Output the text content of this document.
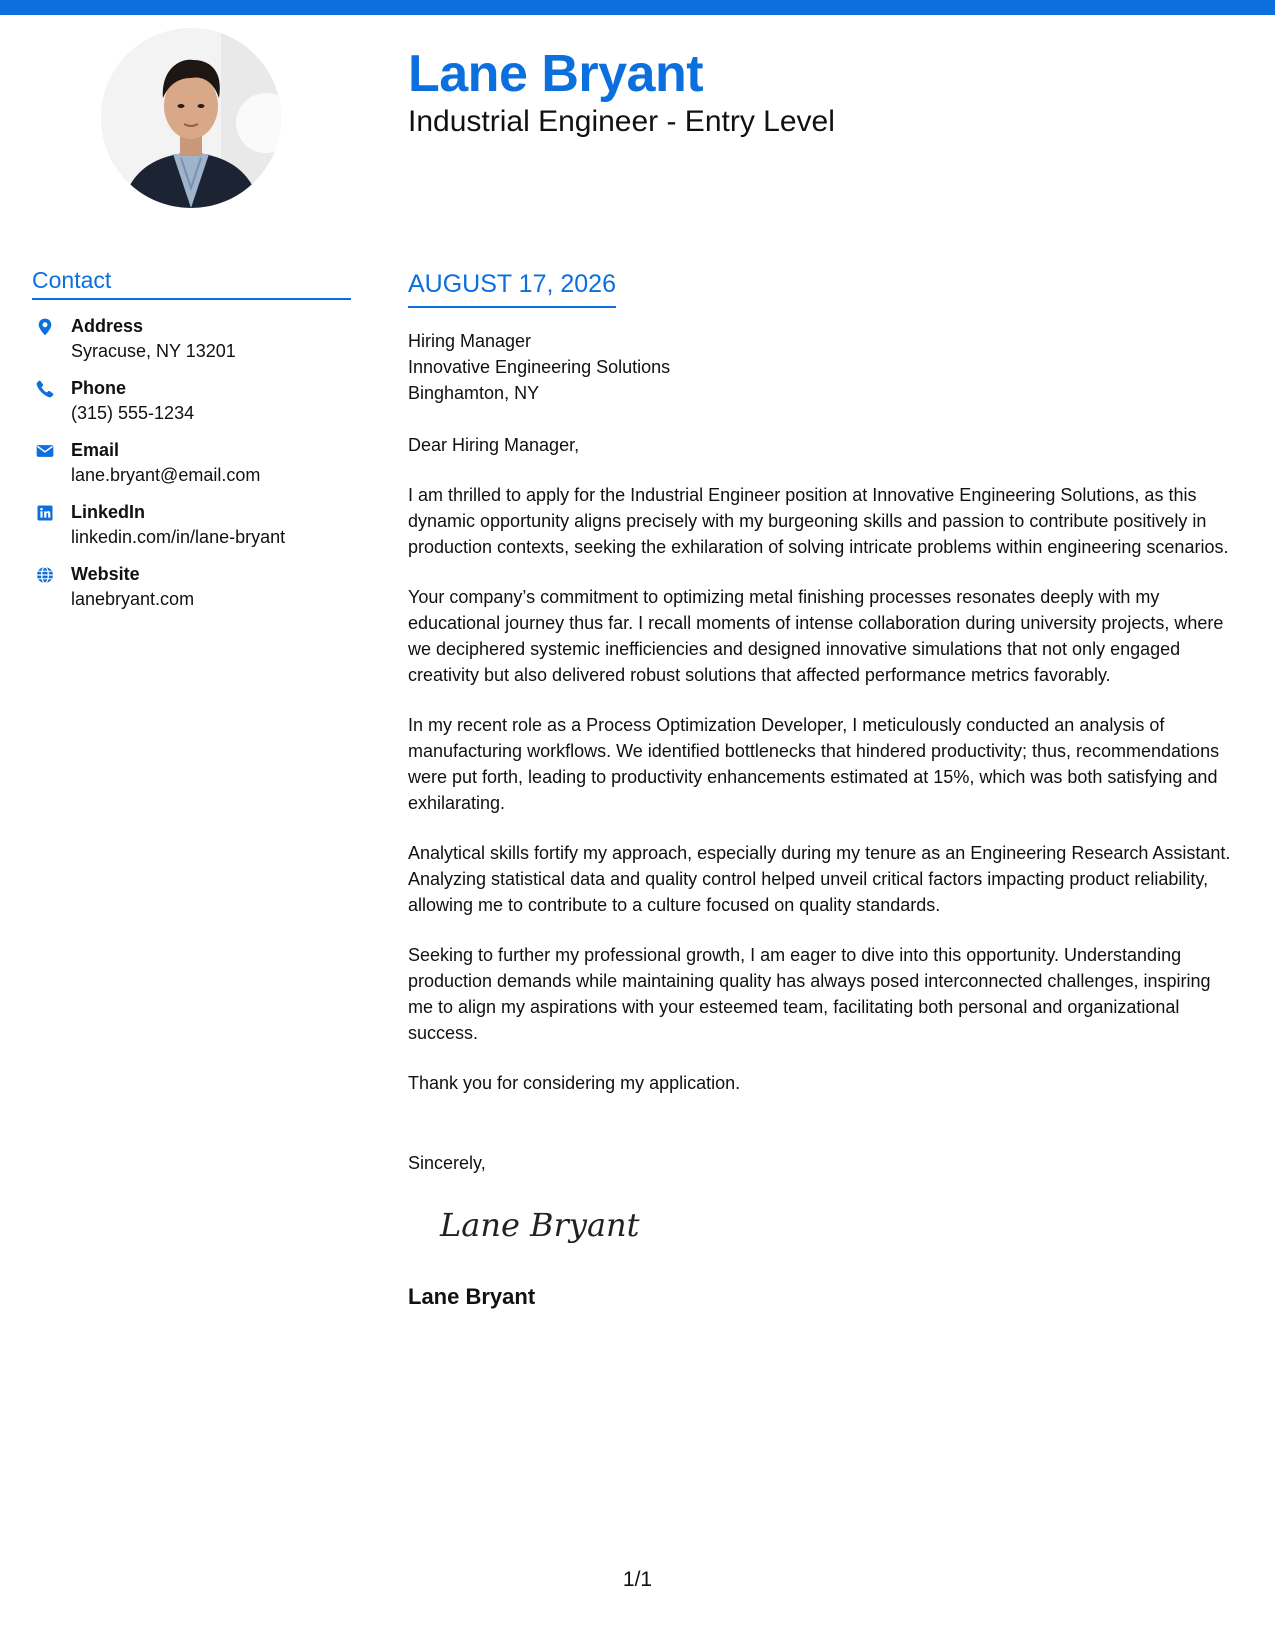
Lane Bryant
Industrial Engineer - Entry Level
Contact
Address
Syracuse, NY 13201
Phone
(315) 555-1234
Email
lane.bryant@email.com
LinkedIn
linkedin.com/in/lane-bryant
Website
lanebryant.com
AUGUST 17, 2026
Hiring Manager
Innovative Engineering Solutions
Binghamton, NY
Dear Hiring Manager,

I am thrilled to apply for the Industrial Engineer position at Innovative Engineering Solutions, as this dynamic opportunity aligns precisely with my burgeoning skills and passion to contribute positively in production contexts, seeking the exhilaration of solving intricate problems within engineering scenarios.

Your company’s commitment to optimizing metal finishing processes resonates deeply with my educational journey thus far. I recall moments of intense collaboration during university projects, where we deciphered systemic inefficiencies and designed innovative simulations that not only engaged creativity but also delivered robust solutions that affected performance metrics favorably.

In my recent role as a Process Optimization Developer, I meticulously conducted an analysis of manufacturing workflows. We identified bottlenecks that hindered productivity; thus, recommendations were put forth, leading to productivity enhancements estimated at 15%, which was both satisfying and exhilarating.

Analytical skills fortify my approach, especially during my tenure as an Engineering Research Assistant. Analyzing statistical data and quality control helped unveil critical factors impacting product reliability, allowing me to contribute to a culture focused on quality standards.

Seeking to further my professional growth, I am eager to dive into this opportunity. Understanding production demands while maintaining quality has always posed interconnected challenges, inspiring me to align my aspirations with your esteemed team, facilitating both personal and organizational success.

Thank you for considering my application.

Sincerely,
Lane Bryant
Lane Bryant
1/1
